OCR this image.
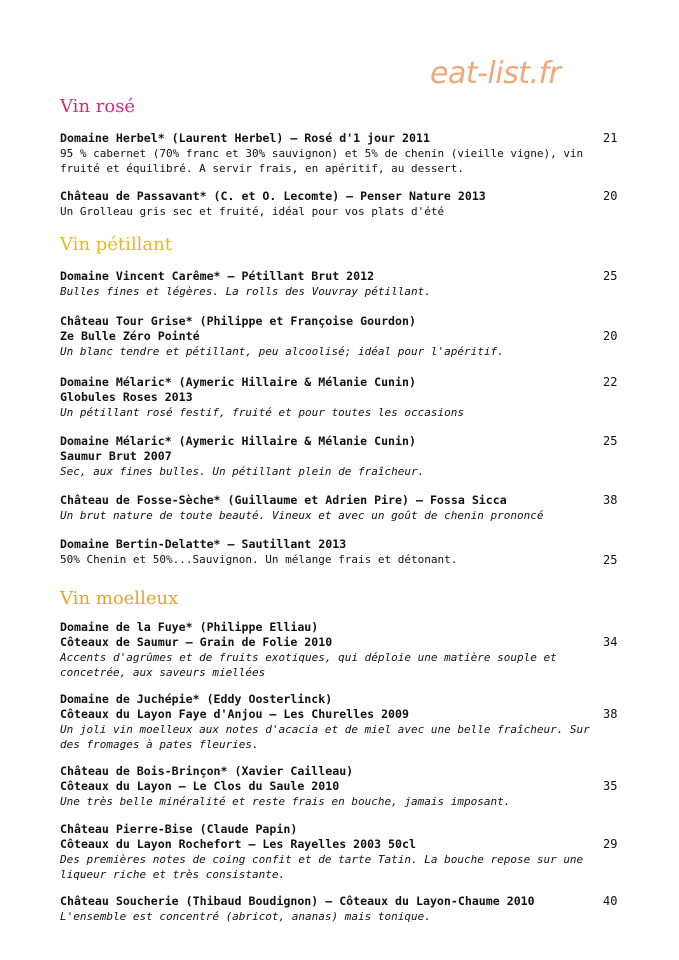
eat-list.fr
Vin rosé
Domaine Herbel* (Laurent Herbel) – Rosé d'1 jour 2011
95 % cabernet (70% franc et 30% sauvignon) et 5% de chenin (vieille vigne), vin fruité et équilibré. A servir frais, en apéritif, au dessert.
21
Château de Passavant* (C. et O. Lecomte) – Penser Nature 2013
Un Grolleau gris sec et fruité, idéal pour vos plats d'été
20
Vin pétillant
Domaine Vincent Carême* – Pétillant Brut 2012
Bulles fines et légères. La rolls des Vouvray pétillant.
25
Château Tour Grise* (Philippe et Françoise Gourdon)
Ze Bulle Zéro Pointé
Un blanc tendre et pétillant, peu alcoolisé; idéal pour l'apéritif.
20
Domaine Mélaric* (Aymeric Hillaire & Mélanie Cunin)
Globules Roses 2013
Un pétillant rosé festif, fruité et pour toutes les occasions
22
Domaine Mélaric* (Aymeric Hillaire & Mélanie Cunin)
Saumur Brut 2007
Sec, aux fines bulles. Un pétillant plein de fraîcheur.
25
Château de Fosse-Sèche* (Guillaume et Adrien Pire) – Fossa Sicca
Un brut nature de toute beauté. Vineux et avec un goût de chenin prononcé
38
Domaine Bertin-Delatte* – Sautillant 2013
50% Chenin et 50%...Sauvignon. Un mélange frais et détonant.	25
Vin moelleux
Domaine de la Fuye* (Philippe Elliau)
Côteaux de Saumur – Grain de Folie 2010
Accents d'agrûmes et de fruits exotiques, qui déploie une matière souple et concetrée, aux saveurs miellées
34
Domaine de Juchépie* (Eddy Oosterlinck)
Côteaux du Layon Faye d'Anjou – Les Churelles 2009
Un joli vin moelleux aux notes d'acacia et de miel avec une belle fraîcheur. Sur des fromages à pates fleuries.
38
Château de Bois-Brinçon* (Xavier Cailleau)
Côteaux du Layon – Le Clos du Saule 2010
Une très belle minéralité et reste frais en bouche, jamais imposant.
35
Château Pierre-Bise (Claude Papin)
Côteaux du Layon Rochefort – Les Rayelles 2003 50cl
Des premières notes de coing confit et de tarte Tatin. La bouche repose sur une liqueur riche et très consistante.
29
Château Soucherie (Thibaud Boudignon) – Côteaux du Layon-Chaume 2010
L'ensemble est concentré (abricot, ananas) mais tonique.
40
